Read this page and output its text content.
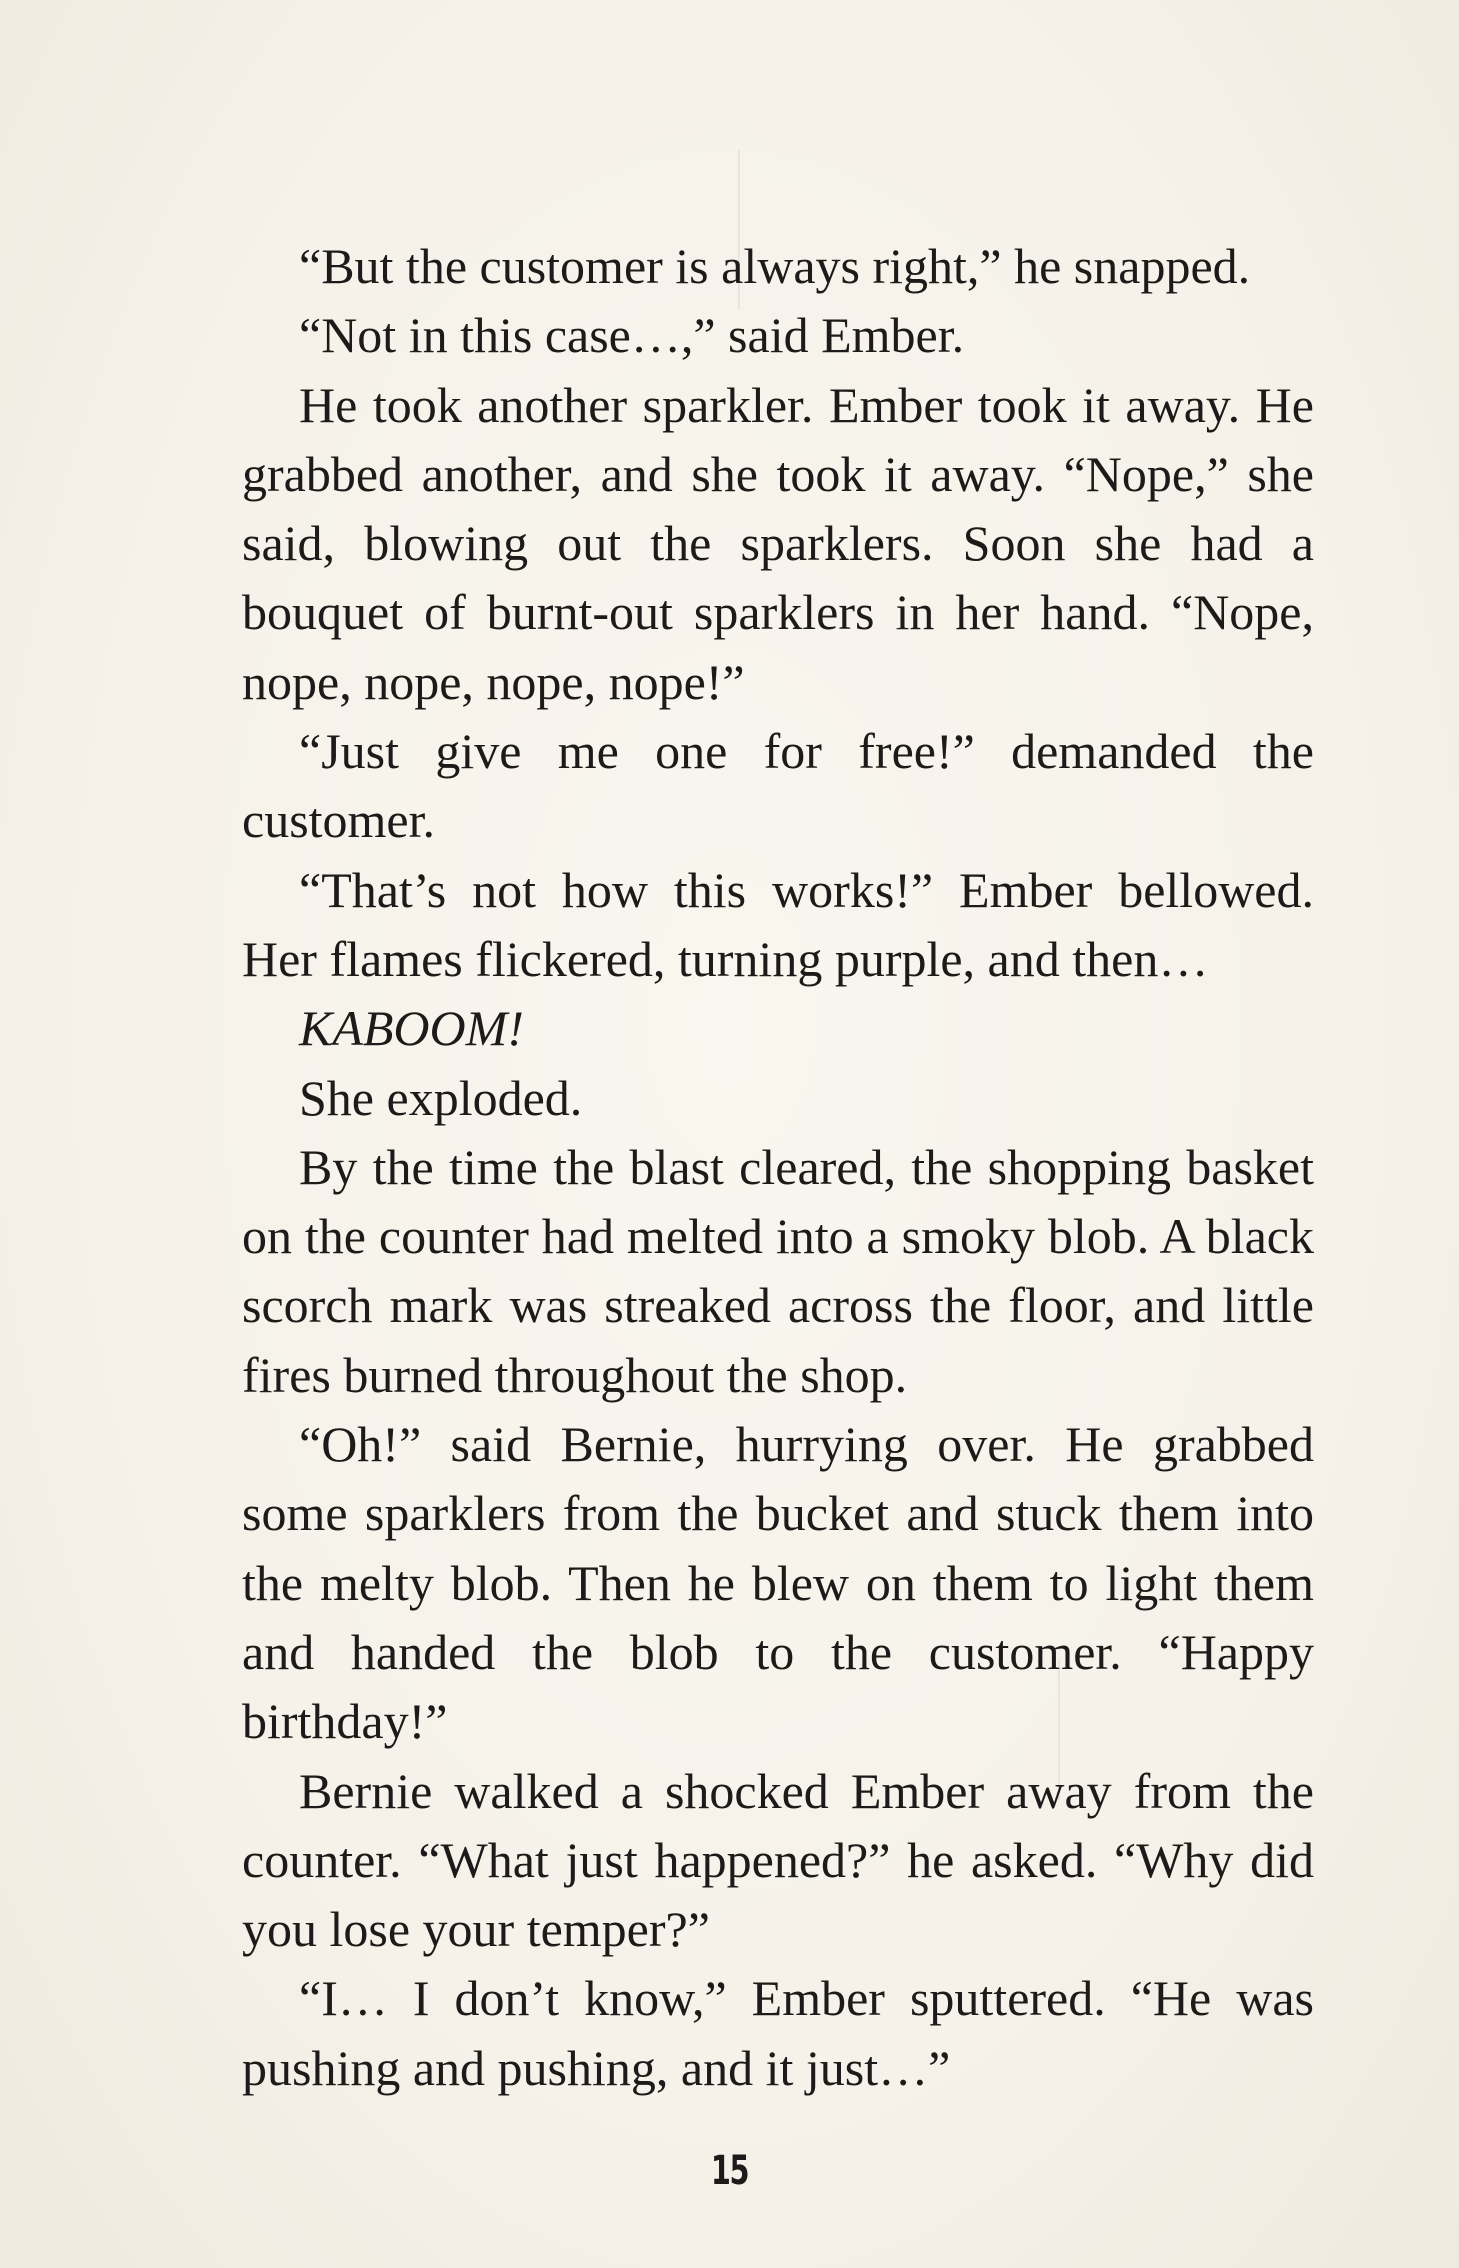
“But the customer is always right,” he snapped.

“Not in this case…,” said Ember.

He took another sparkler. Ember took it away. He grabbed another, and she took it away. “Nope,” she said, blowing out the sparklers. Soon she had a bouquet of burnt-out sparklers in her hand. “Nope, nope, nope, nope, nope!”

“Just give me one for free!” demanded the customer.

“That’s not how this works!” Ember bellowed. Her flames flickered, turning purple, and then…

KABOOM!

She exploded.

By the time the blast cleared, the shopping basket on the counter had melted into a smoky blob. A black scorch mark was streaked across the floor, and little fires burned throughout the shop.

“Oh!” said Bernie, hurrying over. He grabbed some sparklers from the bucket and stuck them into the melty blob. Then he blew on them to light them and handed the blob to the customer. “Happy birthday!”

Bernie walked a shocked Ember away from the counter. “What just happened?” he asked. “Why did you lose your temper?”

“I… I don’t know,” Ember sputtered. “He was pushing and pushing, and it just…”

15
